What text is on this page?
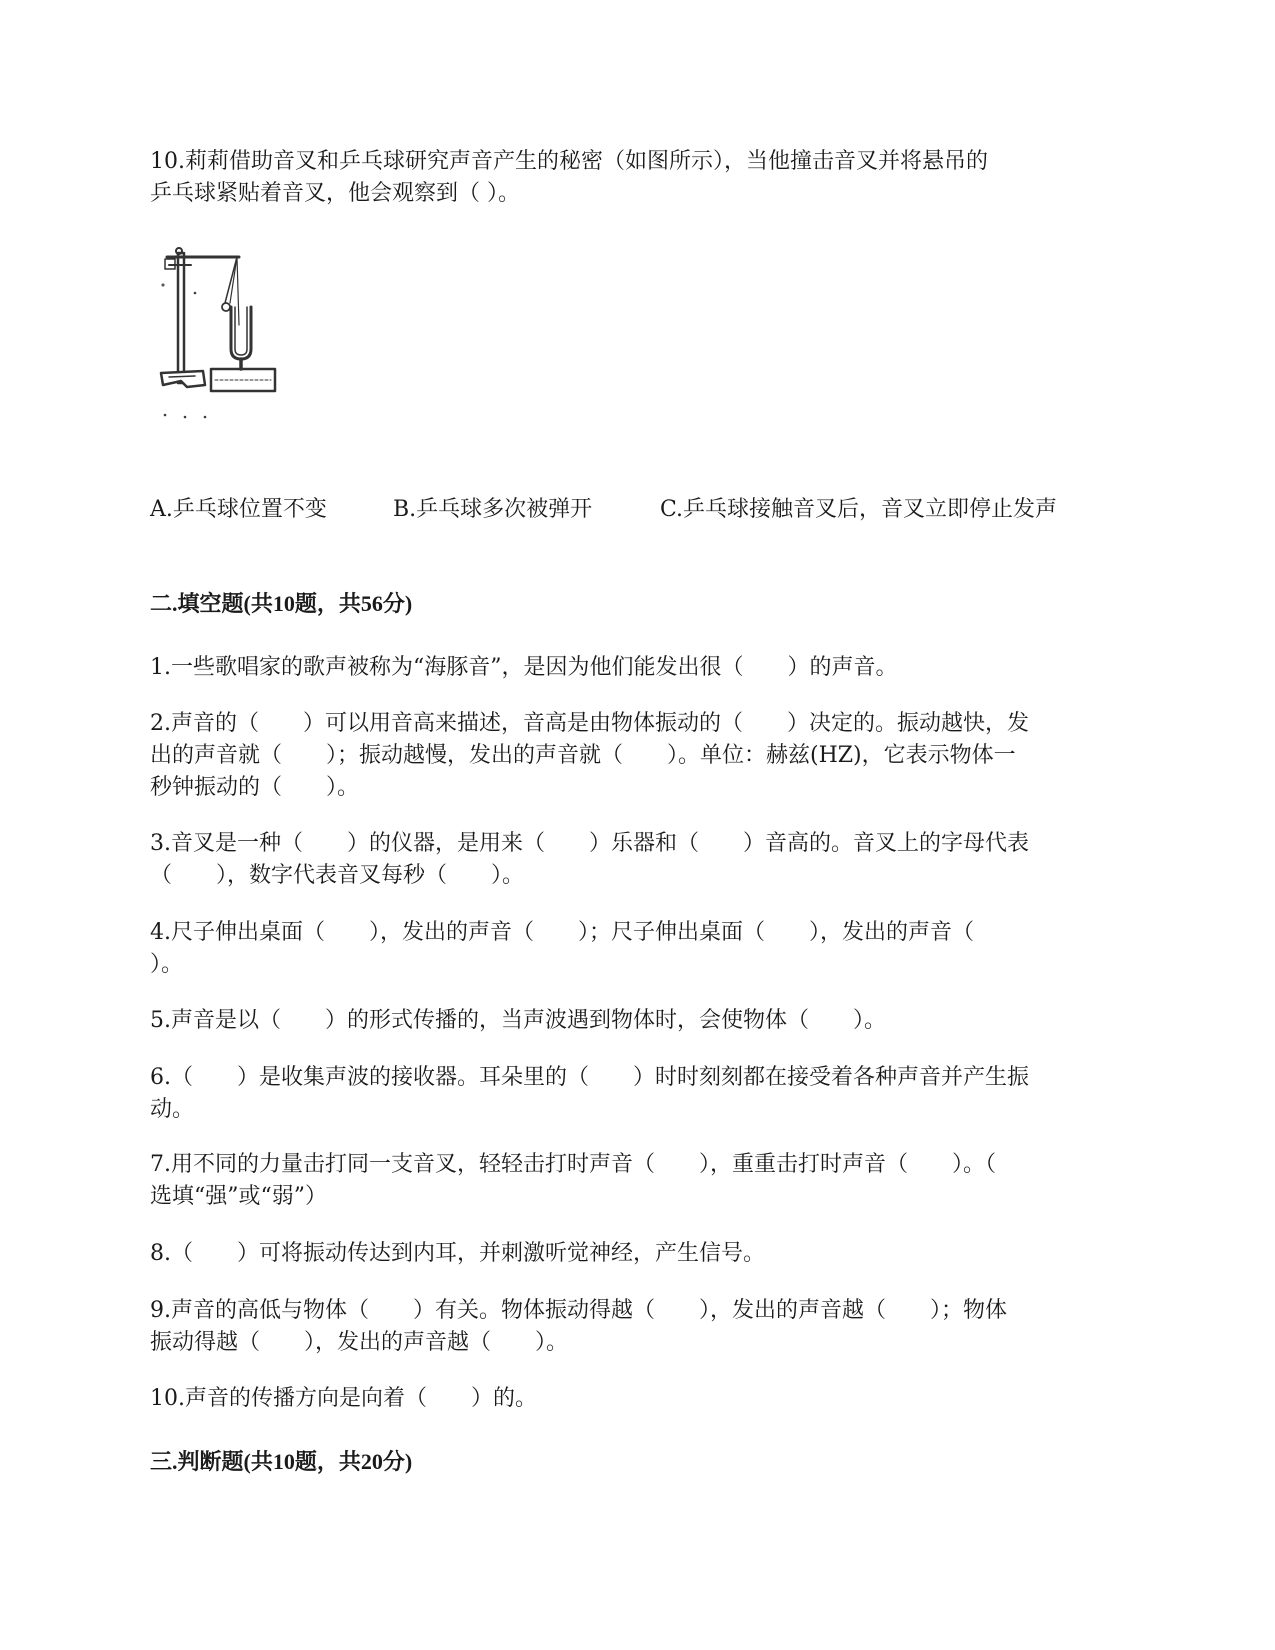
10.莉莉借助音叉和乒乓球研究声音产生的秘密（如图所示），当他撞击音叉并将悬吊的
乒乓球紧贴着音叉，他会观察到（ ）。
A.乒乓球位置不变	B.乒乓球多次被弹开	C.乒乓球接触音叉后，音叉立即停止发声
二.填空题(共10题，共56分)
1.一些歌唱家的歌声被称为“海豚音”，是因为他们能发出很（　　）的声音。
2.声音的（　　）可以用音高来描述，音高是由物体振动的（　　）决定的。振动越快，发
出的声音就（　　）；振动越慢，发出的声音就（　　）。单位：赫兹(HZ)，它表示物体一
秒钟振动的（　　）。
3.音叉是一种（　　）的仪器，是用来（　　）乐器和（　　）音高的。音叉上的字母代表
（　　），数字代表音叉每秒（　　）。
4.尺子伸出桌面（　　），发出的声音（　　）；尺子伸出桌面（　　），发出的声音（
）。
5.声音是以（　　）的形式传播的，当声波遇到物体时，会使物体（　　）。
6.（　　）是收集声波的接收器。耳朵里的（　　）时时刻刻都在接受着各种声音并产生振
动。
7.用不同的力量击打同一支音叉，轻轻击打时声音（　　），重重击打时声音（　　）。（
选填“强”或“弱”）
8.（　　）可将振动传达到内耳，并刺激听觉神经，产生信号。
9.声音的高低与物体（　　）有关。物体振动得越（　　），发出的声音越（　　）；物体
振动得越（　　），发出的声音越（　　）。
10.声音的传播方向是向着（　　）的。
三.判断题(共10题，共20分)
